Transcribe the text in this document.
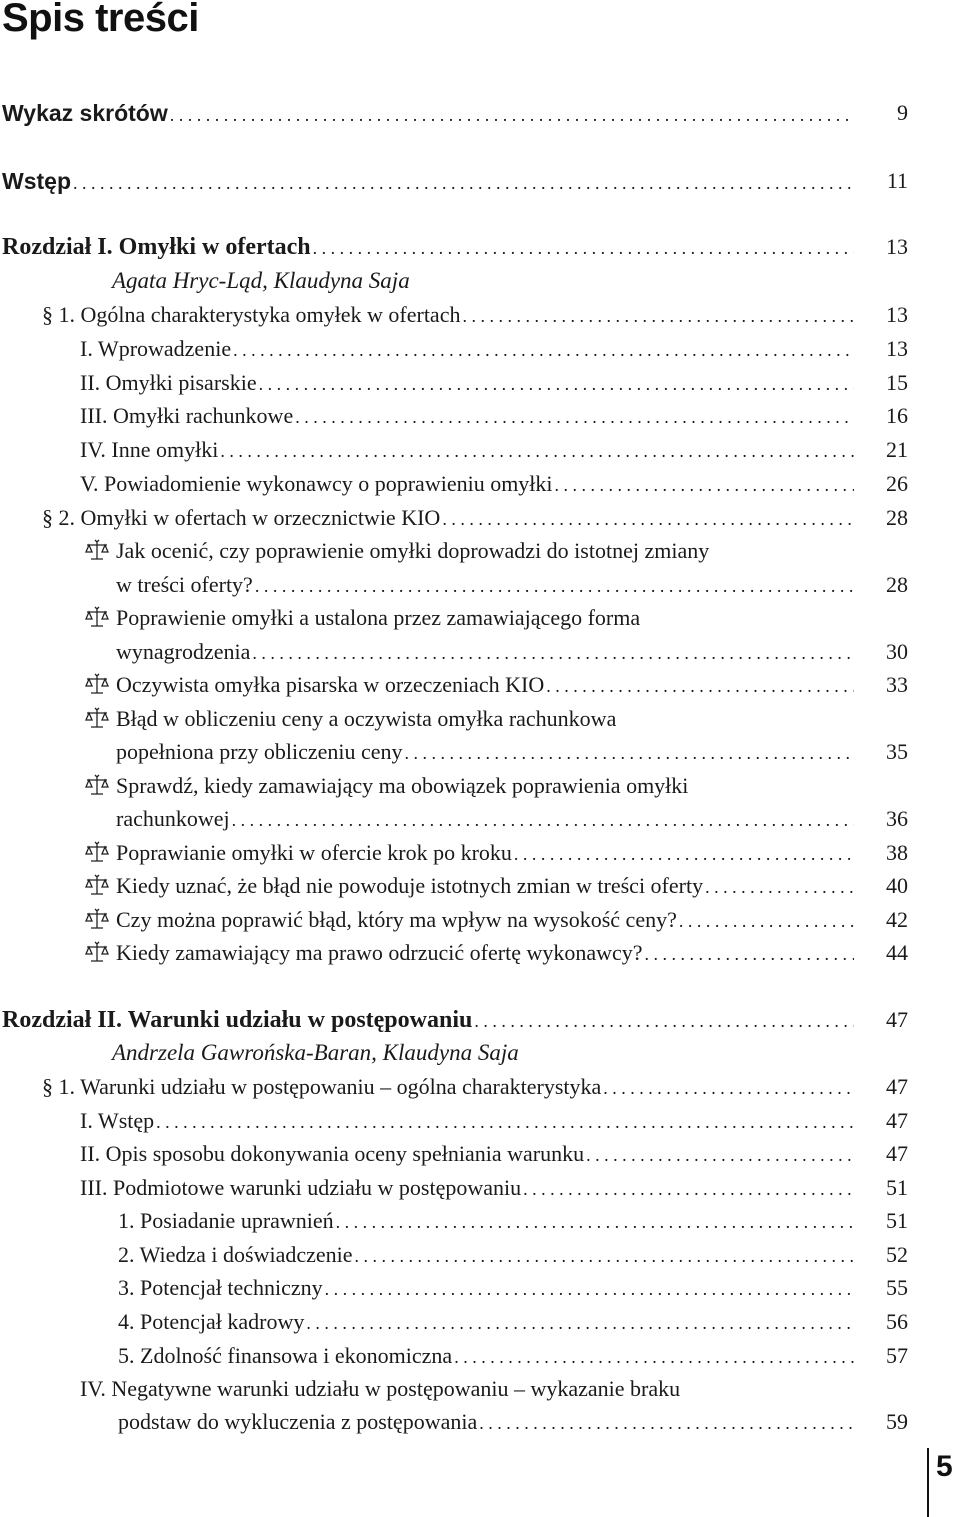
Spis treści
Wykaz skrótów . . .	9
Wstęp . . .	11
Rozdział I. Omyłki w ofertach . . .	13
Agata Hryc-Ląd, Klaudyna Saja
§ 1. Ogólna charakterystyka omyłek w ofertach . . .	13
I. Wprowadzenie . . .	13
II. Omyłki pisarskie . . .	15
III. Omyłki rachunkowe . . .	16
IV. Inne omyłki . . .	21
V. Powiadomienie wykonawcy o poprawieniu omyłki . . .	26
§ 2. Omyłki w ofertach w orzecznictwie KIO . . .	28
Jak ocenić, czy poprawienie omyłki doprowadzi do istotnej zmiany
w treści oferty? . . .	28
Poprawienie omyłki a ustalona przez zamawiającego forma
wynagrodzenia . . .	30
Oczywista omyłka pisarska w orzeczeniach KIO . . .	33
Błąd w obliczeniu ceny a oczywista omyłka rachunkowa
popełniona przy obliczeniu ceny . . .	35
Sprawdź, kiedy zamawiający ma obowiązek poprawienia omyłki
rachunkowej . . .	36
Poprawianie omyłki w ofercie krok po kroku . . .	38
Kiedy uznać, że błąd nie powoduje istotnych zmian w treści oferty . . .	40
Czy można poprawić błąd, który ma wpływ na wysokość ceny? . . .	42
Kiedy zamawiający ma prawo odrzucić ofertę wykonawcy? . . .	44
Rozdział II. Warunki udziału w postępowaniu . . .	47
Andrzela Gawrońska-Baran, Klaudyna Saja
§ 1. Warunki udziału w postępowaniu – ogólna charakterystyka . . .	47
I. Wstęp . . .	47
II. Opis sposobu dokonywania oceny spełniania warunku . . .	47
III. Podmiotowe warunki udziału w postępowaniu . . .	51
1. Posiadanie uprawnień . . .	51
2. Wiedza i doświadczenie . . .	52
3. Potencjał techniczny . . .	55
4. Potencjał kadrowy . . .	56
5. Zdolność finansowa i ekonomiczna . . .	57
IV. Negatywne warunki udziału w postępowaniu – wykazanie braku
podstaw do wykluczenia z postępowania . . .	59
5
